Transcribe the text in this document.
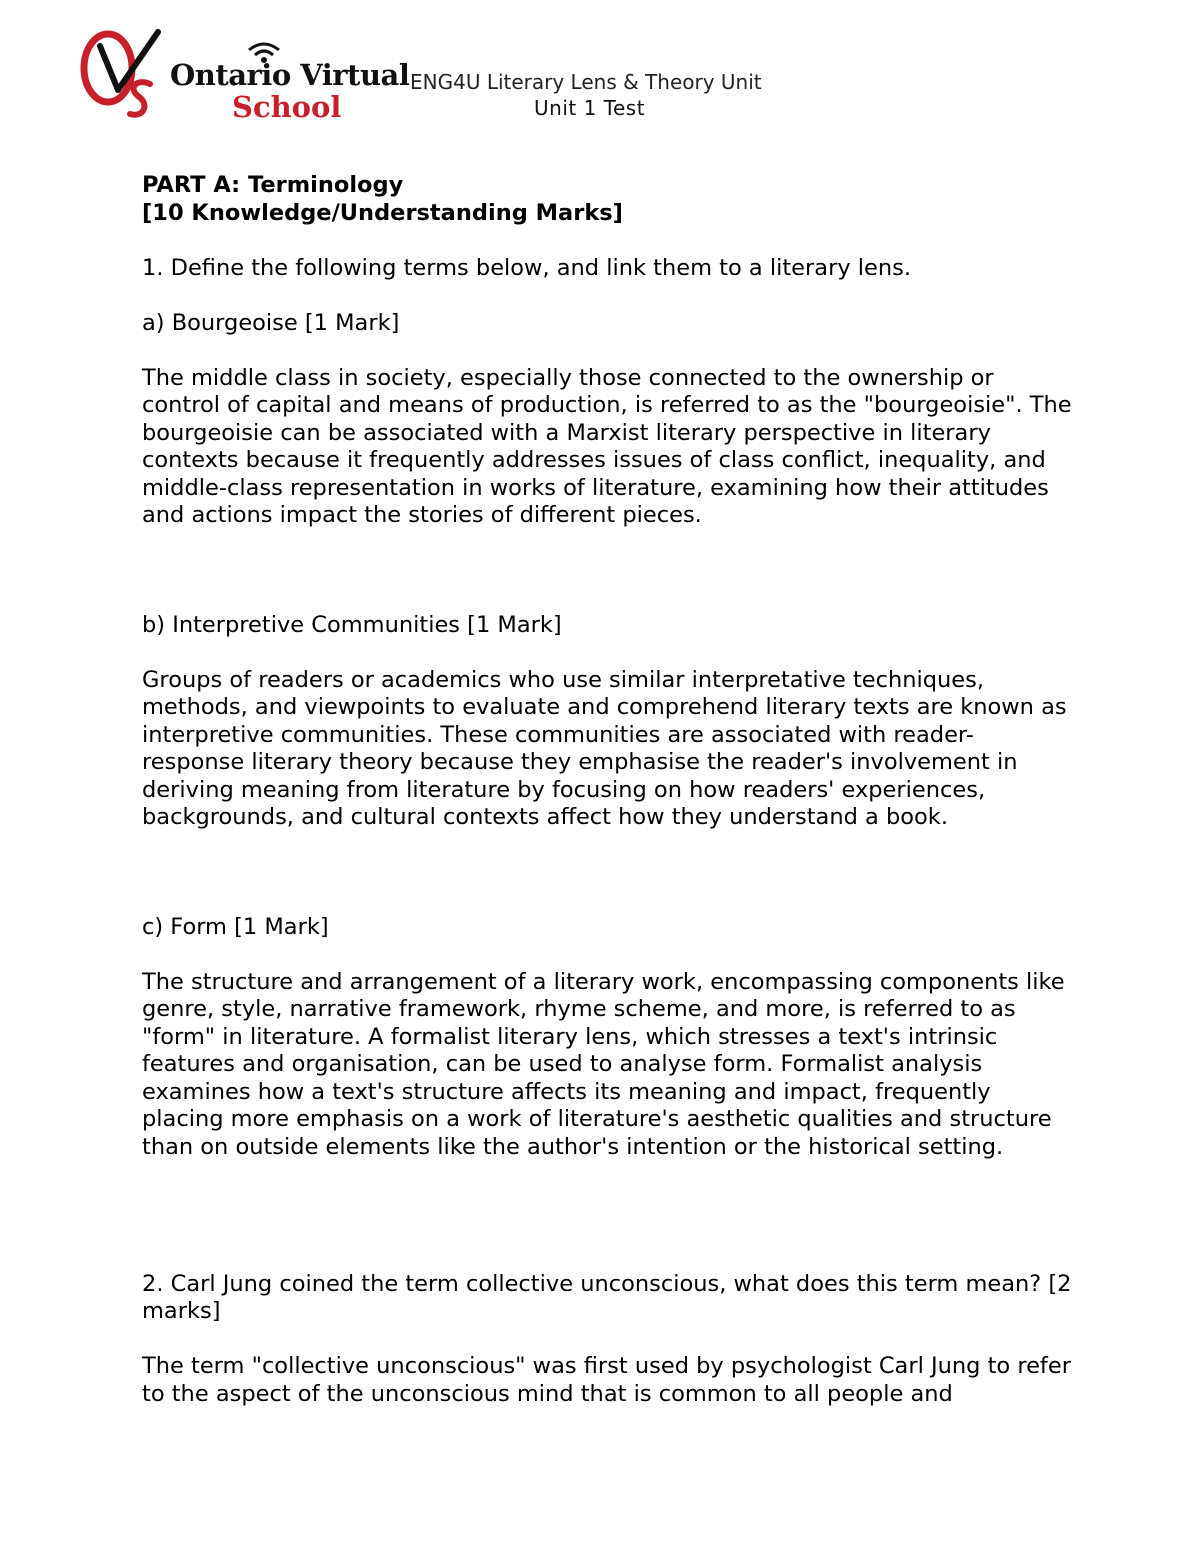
Ontario Virtual
School
ENG4U Literary Lens & Theory Unit
Unit 1 Test

PART A: Terminology

[10 Knowledge/Understanding Marks]

1. Define the following terms below, and link them to a literary lens.

a) Bourgeoise [1 Mark]

The middle class in society, especially those connected to the ownership or control of capital and means of production, is referred to as the "bourgeoisie". The bourgeoisie can be associated with a Marxist literary perspective in literary contexts because it frequently addresses issues of class conflict, inequality, and middle-class representation in works of literature, examining how their attitudes and actions impact the stories of different pieces.

b) Interpretive Communities [1 Mark]

Groups of readers or academics who use similar interpretative techniques, methods, and viewpoints to evaluate and comprehend literary texts are known as interpretive communities. These communities are associated with reader-response literary theory because they emphasise the reader's involvement in deriving meaning from literature by focusing on how readers' experiences, backgrounds, and cultural contexts affect how they understand a book.

c) Form [1 Mark]

The structure and arrangement of a literary work, encompassing components like genre, style, narrative framework, rhyme scheme, and more, is referred to as "form" in literature. A formalist literary lens, which stresses a text's intrinsic features and organisation, can be used to analyse form. Formalist analysis examines how a text's structure affects its meaning and impact, frequently placing more emphasis on a work of literature's aesthetic qualities and structure than on outside elements like the author's intention or the historical setting.

2. Carl Jung coined the term collective unconscious, what does this term mean? [2 marks]

The term "collective unconscious" was first used by psychologist Carl Jung to refer to the aspect of the unconscious mind that is common to all people and
